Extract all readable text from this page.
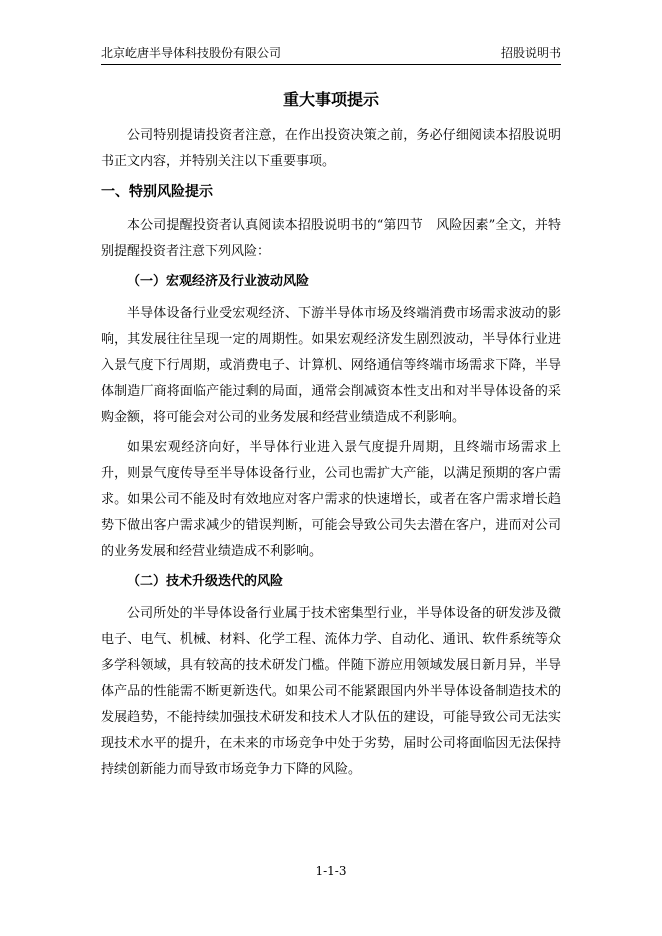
北京屹唐半导体科技股份有限公司	招股说明书
重大事项提示

公司特别提请投资者注意，在作出投资决策之前，务必仔细阅读本招股说明书正文内容，并特别关注以下重要事项。

一、特别风险提示

本公司提醒投资者认真阅读本招股说明书的“第四节　风险因素”全文，并特别提醒投资者注意下列风险：

（一）宏观经济及行业波动风险

半导体设备行业受宏观经济、下游半导体市场及终端消费市场需求波动的影响，其发展往往呈现一定的周期性。如果宏观经济发生剧烈波动，半导体行业进入景气度下行周期，或消费电子、计算机、网络通信等终端市场需求下降，半导体制造厂商将面临产能过剩的局面，通常会削减资本性支出和对半导体设备的采购金额，将可能会对公司的业务发展和经营业绩造成不利影响。

如果宏观经济向好，半导体行业进入景气度提升周期，且终端市场需求上升，则景气度传导至半导体设备行业，公司也需扩大产能，以满足预期的客户需求。如果公司不能及时有效地应对客户需求的快速增长，或者在客户需求增长趋势下做出客户需求减少的错误判断，可能会导致公司失去潜在客户，进而对公司的业务发展和经营业绩造成不利影响。

（二）技术升级迭代的风险

公司所处的半导体设备行业属于技术密集型行业，半导体设备的研发涉及微电子、电气、机械、材料、化学工程、流体力学、自动化、通讯、软件系统等众多学科领域，具有较高的技术研发门槛。伴随下游应用领域发展日新月异，半导体产品的性能需不断更新迭代。如果公司不能紧跟国内外半导体设备制造技术的发展趋势，不能持续加强技术研发和技术人才队伍的建设，可能导致公司无法实现技术水平的提升，在未来的市场竞争中处于劣势，届时公司将面临因无法保持持续创新能力而导致市场竞争力下降的风险。

1-1-3
